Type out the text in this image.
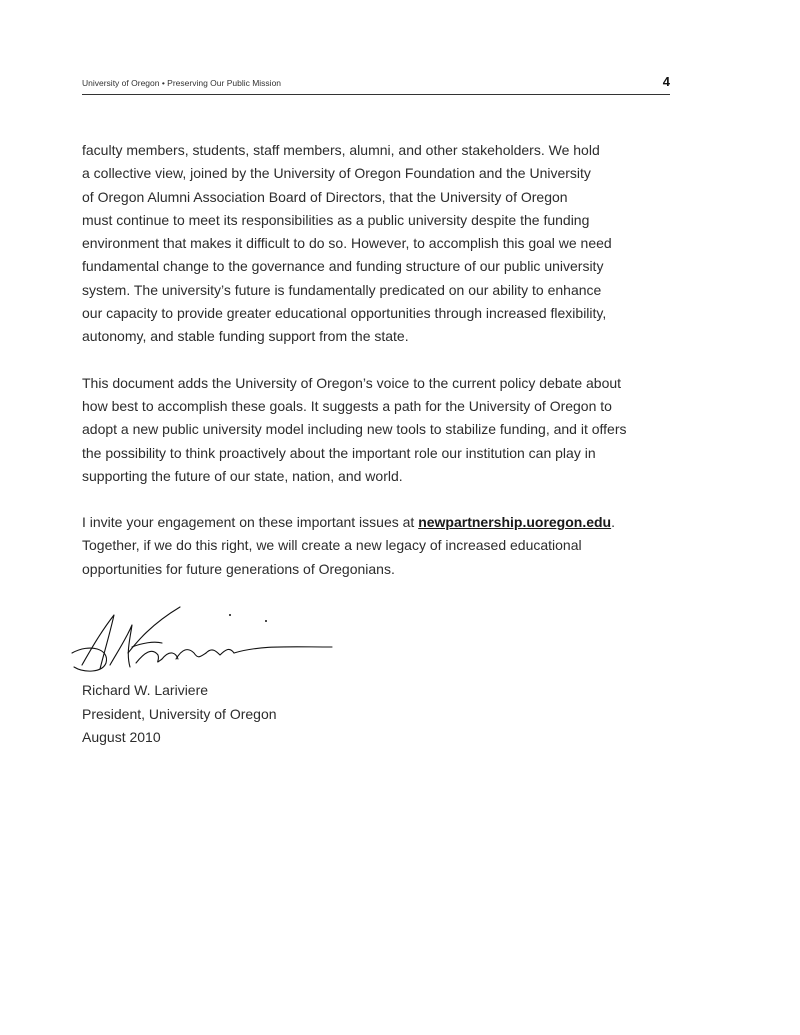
University of Oregon • Preserving Our Public Mission	4

faculty members, students, staff members, alumni, and other stakeholders. We hold
a collective view, joined by the University of Oregon Foundation and the University
of Oregon Alumni Association Board of Directors, that the University of Oregon
must continue to meet its responsibilities as a public university despite the funding
environment that makes it difficult to do so. However, to accomplish this goal we need
fundamental change to the governance and funding structure of our public university
system. The university’s future is fundamentally predicated on our ability to enhance
our capacity to provide greater educational opportunities through increased flexibility,
autonomy, and stable funding support from the state.

This document adds the University of Oregon’s voice to the current policy debate about
how best to accomplish these goals. It suggests a path for the University of Oregon to
adopt a new public university model including new tools to stabilize funding, and it offers
the possibility to think proactively about the important role our institution can play in
supporting the future of our state, nation, and world.

I invite your engagement on these important issues at newpartnership.uoregon.edu.
Together, if we do this right, we will create a new legacy of increased educational
opportunities for future generations of Oregonians.

Richard W. Lariviere
President, University of Oregon
August 2010
